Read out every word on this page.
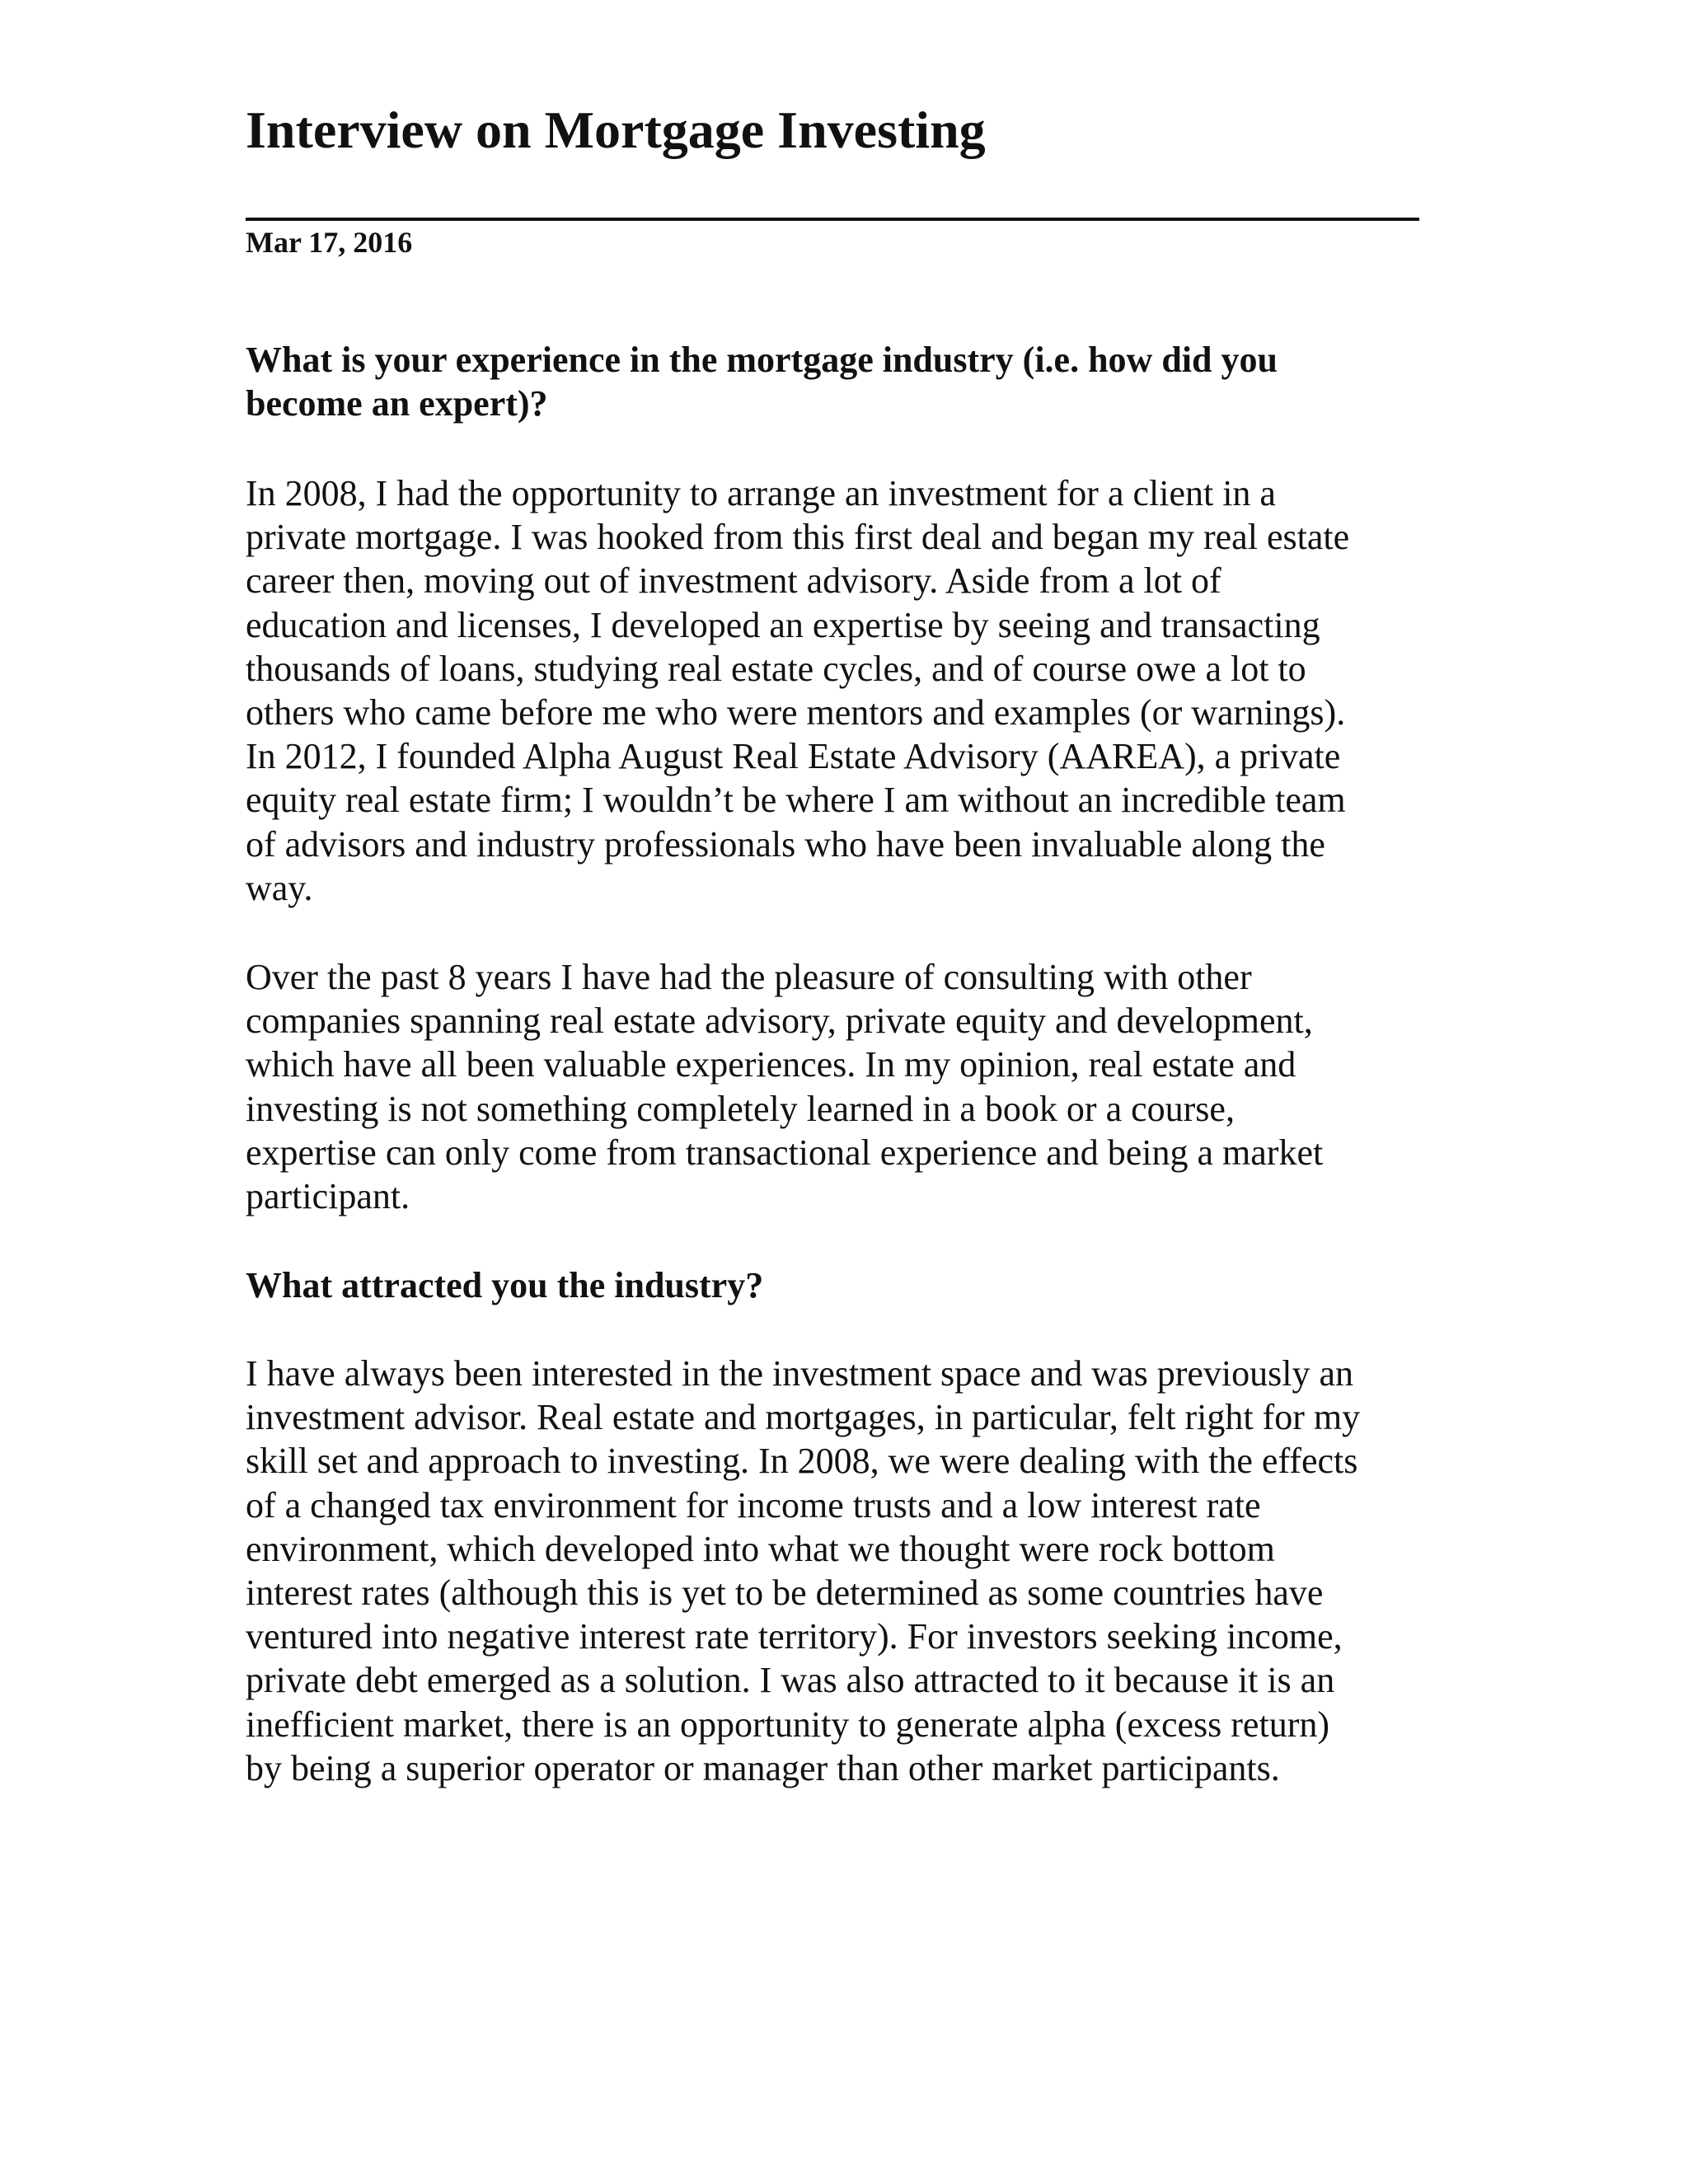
Interview on Mortgage Investing
Mar 17, 2016
What is your experience in the mortgage industry (i.e. how did you
become an expert)?
In 2008, I had the opportunity to arrange an investment for a client in a
private mortgage. I was hooked from this first deal and began my real estate
career then, moving out of investment advisory. Aside from a lot of
education and licenses, I developed an expertise by seeing and transacting
thousands of loans, studying real estate cycles, and of course owe a lot to
others who came before me who were mentors and examples (or warnings).
In 2012, I founded Alpha August Real Estate Advisory (AAREA), a private
equity real estate firm; I wouldn’t be where I am without an incredible team
of advisors and industry professionals who have been invaluable along the
way.
Over the past 8 years I have had the pleasure of consulting with other
companies spanning real estate advisory, private equity and development,
which have all been valuable experiences. In my opinion, real estate and
investing is not something completely learned in a book or a course,
expertise can only come from transactional experience and being a market
participant.
What attracted you the industry?
I have always been interested in the investment space and was previously an
investment advisor. Real estate and mortgages, in particular, felt right for my
skill set and approach to investing. In 2008, we were dealing with the effects
of a changed tax environment for income trusts and a low interest rate
environment, which developed into what we thought were rock bottom
interest rates (although this is yet to be determined as some countries have
ventured into negative interest rate territory). For investors seeking income,
private debt emerged as a solution. I was also attracted to it because it is an
inefficient market, there is an opportunity to generate alpha (excess return)
by being a superior operator or manager than other market participants.
